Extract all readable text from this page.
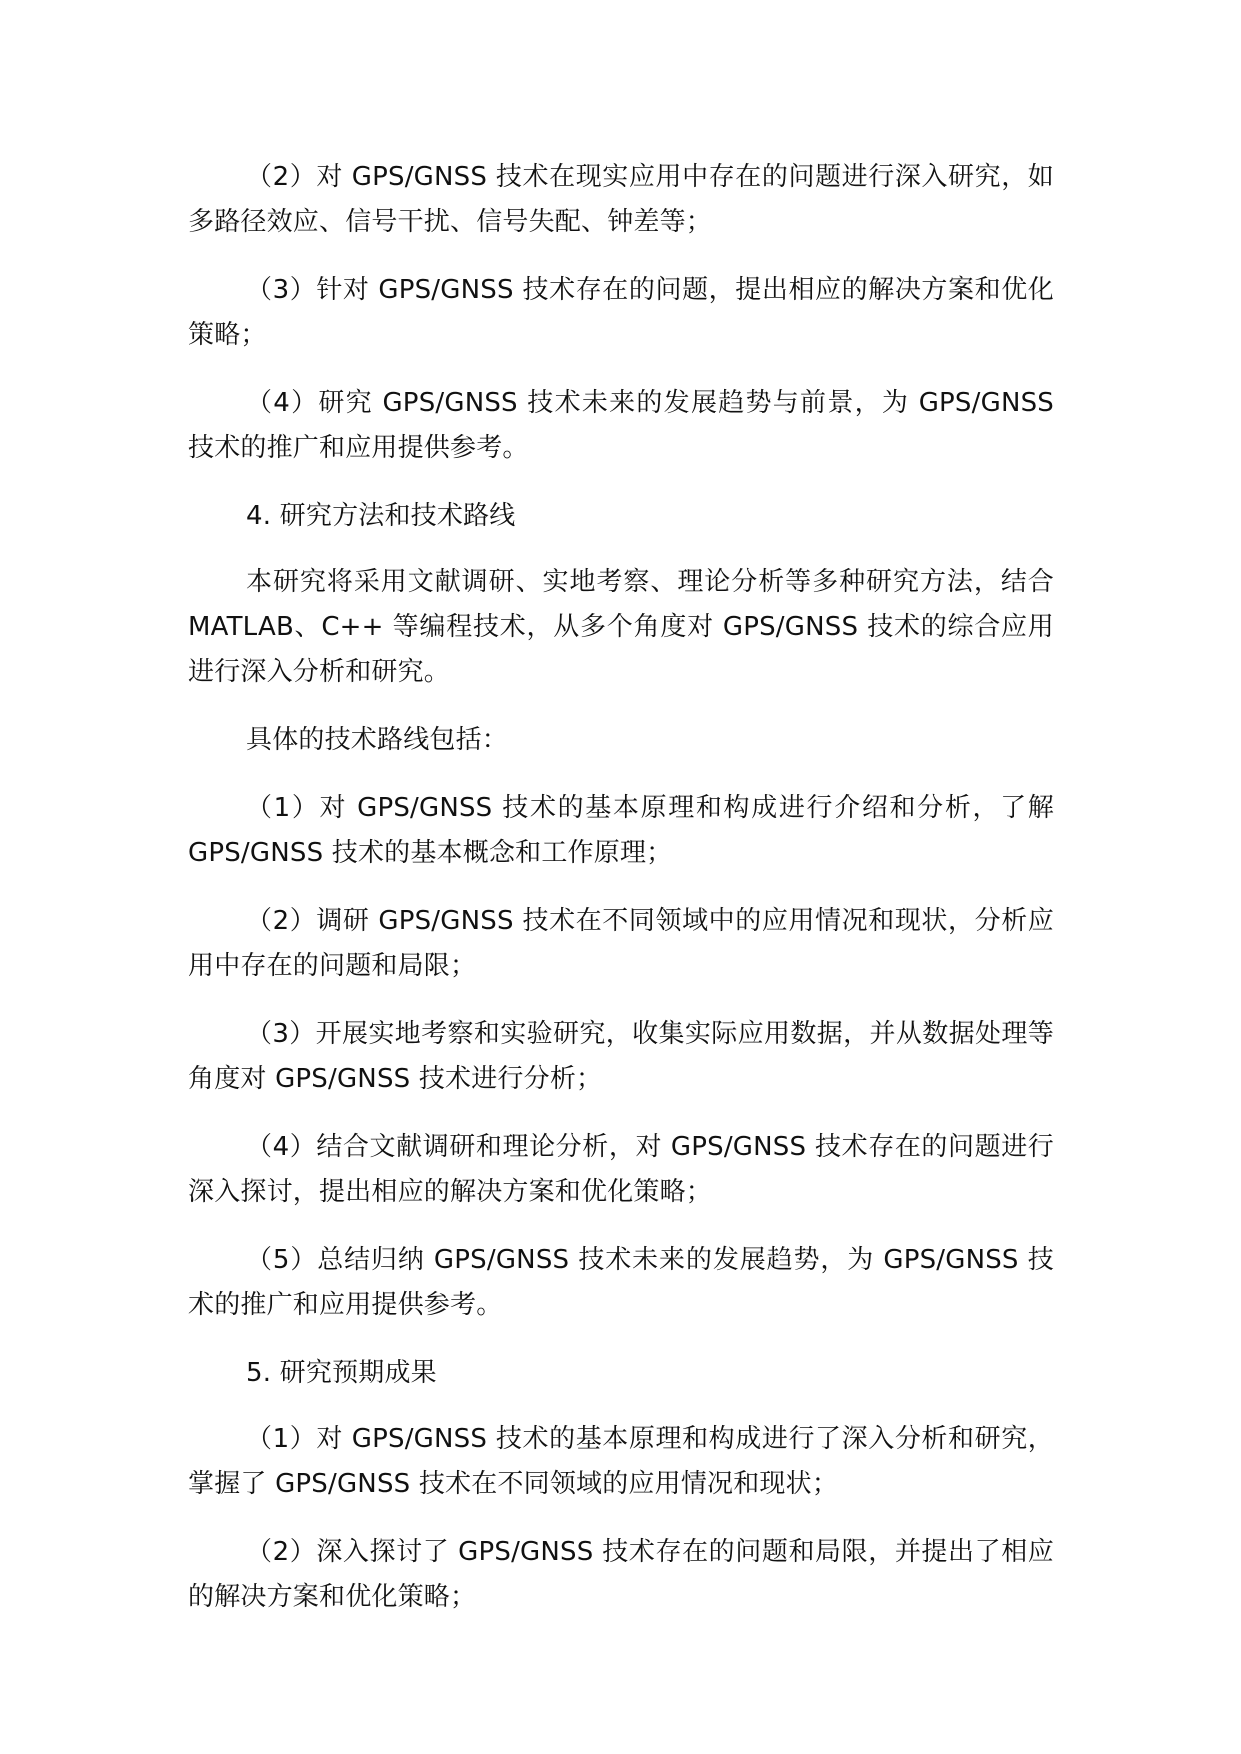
（2）对 GPS/GNSS 技术在现实应用中存在的问题进行深入研究，如多路径效应、信号干扰、信号失配、钟差等；

（3）针对 GPS/GNSS 技术存在的问题，提出相应的解决方案和优化策略；

（4）研究 GPS/GNSS 技术未来的发展趋势与前景，为 GPS/GNSS 技术的推广和应用提供参考。

4. 研究方法和技术路线

本研究将采用文献调研、实地考察、理论分析等多种研究方法，结合 MATLAB、C++ 等编程技术，从多个角度对 GPS/GNSS 技术的综合应用进行深入分析和研究。

具体的技术路线包括：

（1）对 GPS/GNSS 技术的基本原理和构成进行介绍和分析，了解 GPS/GNSS 技术的基本概念和工作原理；

（2）调研 GPS/GNSS 技术在不同领域中的应用情况和现状，分析应用中存在的问题和局限；

（3）开展实地考察和实验研究，收集实际应用数据，并从数据处理等角度对 GPS/GNSS 技术进行分析；

（4）结合文献调研和理论分析，对 GPS/GNSS 技术存在的问题进行深入探讨，提出相应的解决方案和优化策略；

（5）总结归纳 GPS/GNSS 技术未来的发展趋势，为 GPS/GNSS 技术的推广和应用提供参考。

5. 研究预期成果

（1）对 GPS/GNSS 技术的基本原理和构成进行了深入分析和研究，掌握了 GPS/GNSS 技术在不同领域的应用情况和现状；

（2）深入探讨了 GPS/GNSS 技术存在的问题和局限，并提出了相应的解决方案和优化策略；
